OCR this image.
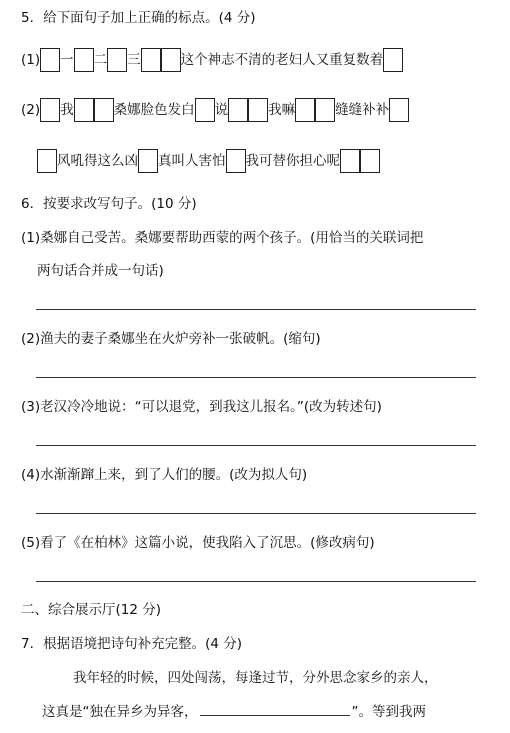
5．给下面句子加上正确的标点。(4 分)
(1) 一 二 三	这个神志不清的老妇人又重复数着
(2) 我	桑娜脸色发白 说	我嘛	缝缝补补
风吼得这么凶 真叫人害怕 我可替你担心呢
6．按要求改写句子。(10 分)
(1)桑娜自己受苦。桑娜要帮助西蒙的两个孩子。(用恰当的关联词把
两句话合并成一句话)
(2)渔夫的妻子桑娜坐在火炉旁补一张破帆。(缩句)
(3)老汉冷冷地说：“可以退党，到我这儿报名。”(改为转述句)
(4)水渐渐蹿上来，到了人们的腰。(改为拟人句)
(5)看了《在柏林》这篇小说，使我陷入了沉思。(修改病句)
二、综合展示厅(12 分)
7．根据语境把诗句补充完整。(4 分)
我年轻的时候，四处闯荡，每逢过节，分外思念家乡的亲人，
这真是“独在异乡为异客，	”。等到我两
